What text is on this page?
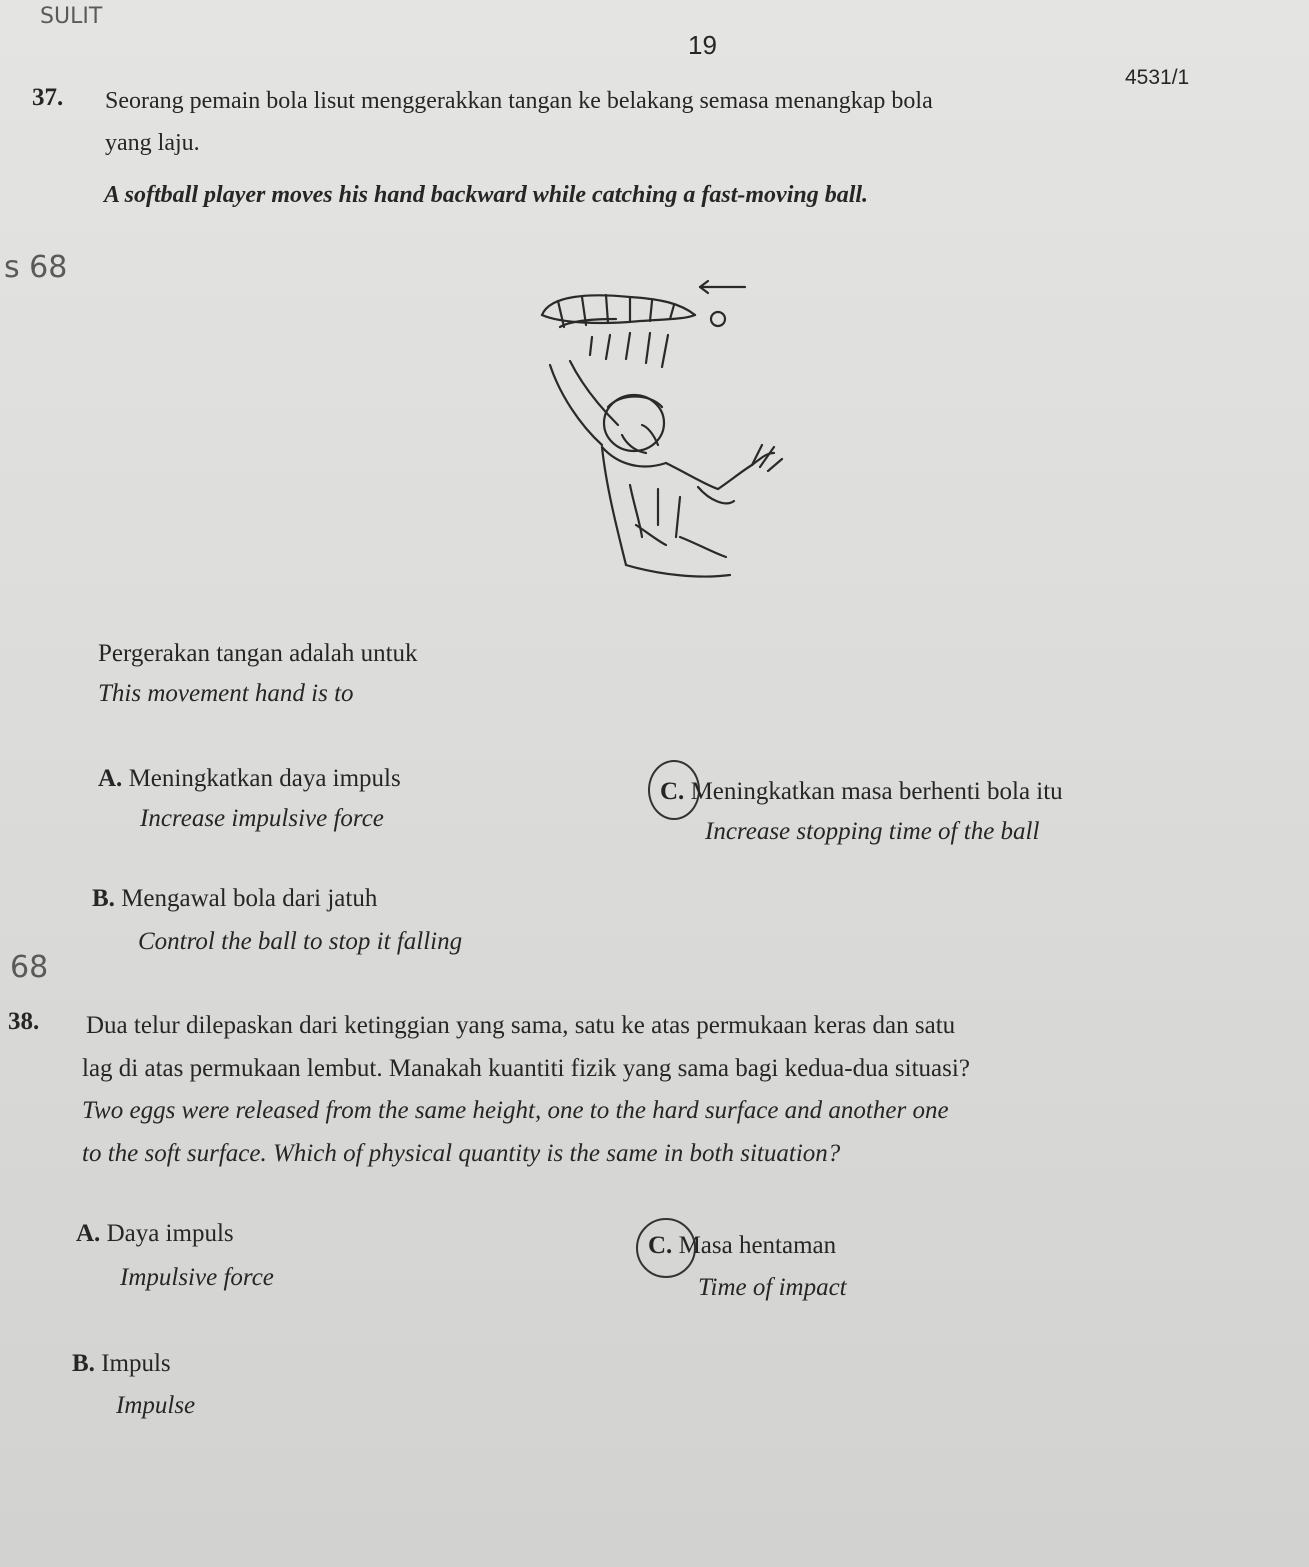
SULIT
19
4531/1
37. Seorang pemain bola lisut menggerakkan tangan ke belakang semasa menangkap bola
yang laju.
A softball player moves his hand backward while catching a fast-moving ball.
s 68
Pergerakan tangan adalah untuk
This movement hand is to
A. Meningkatkan daya impuls
Increase impulsive force
C. Meningkatkan masa berhenti bola itu
Increase stopping time of the ball
B. Mengawal bola dari jatuh
Control the ball to stop it falling
68
38. Dua telur dilepaskan dari ketinggian yang sama, satu ke atas permukaan keras dan satu
lag di atas permukaan lembut. Manakah kuantiti fizik yang sama bagi kedua-dua situasi?
Two eggs were released from the same height, one to the hard surface and another one
to the soft surface. Which of physical quantity is the same in both situation?
A. Daya impuls
Impulsive force
C. Masa hentaman
Time of impact
B. Impuls
Impulse
